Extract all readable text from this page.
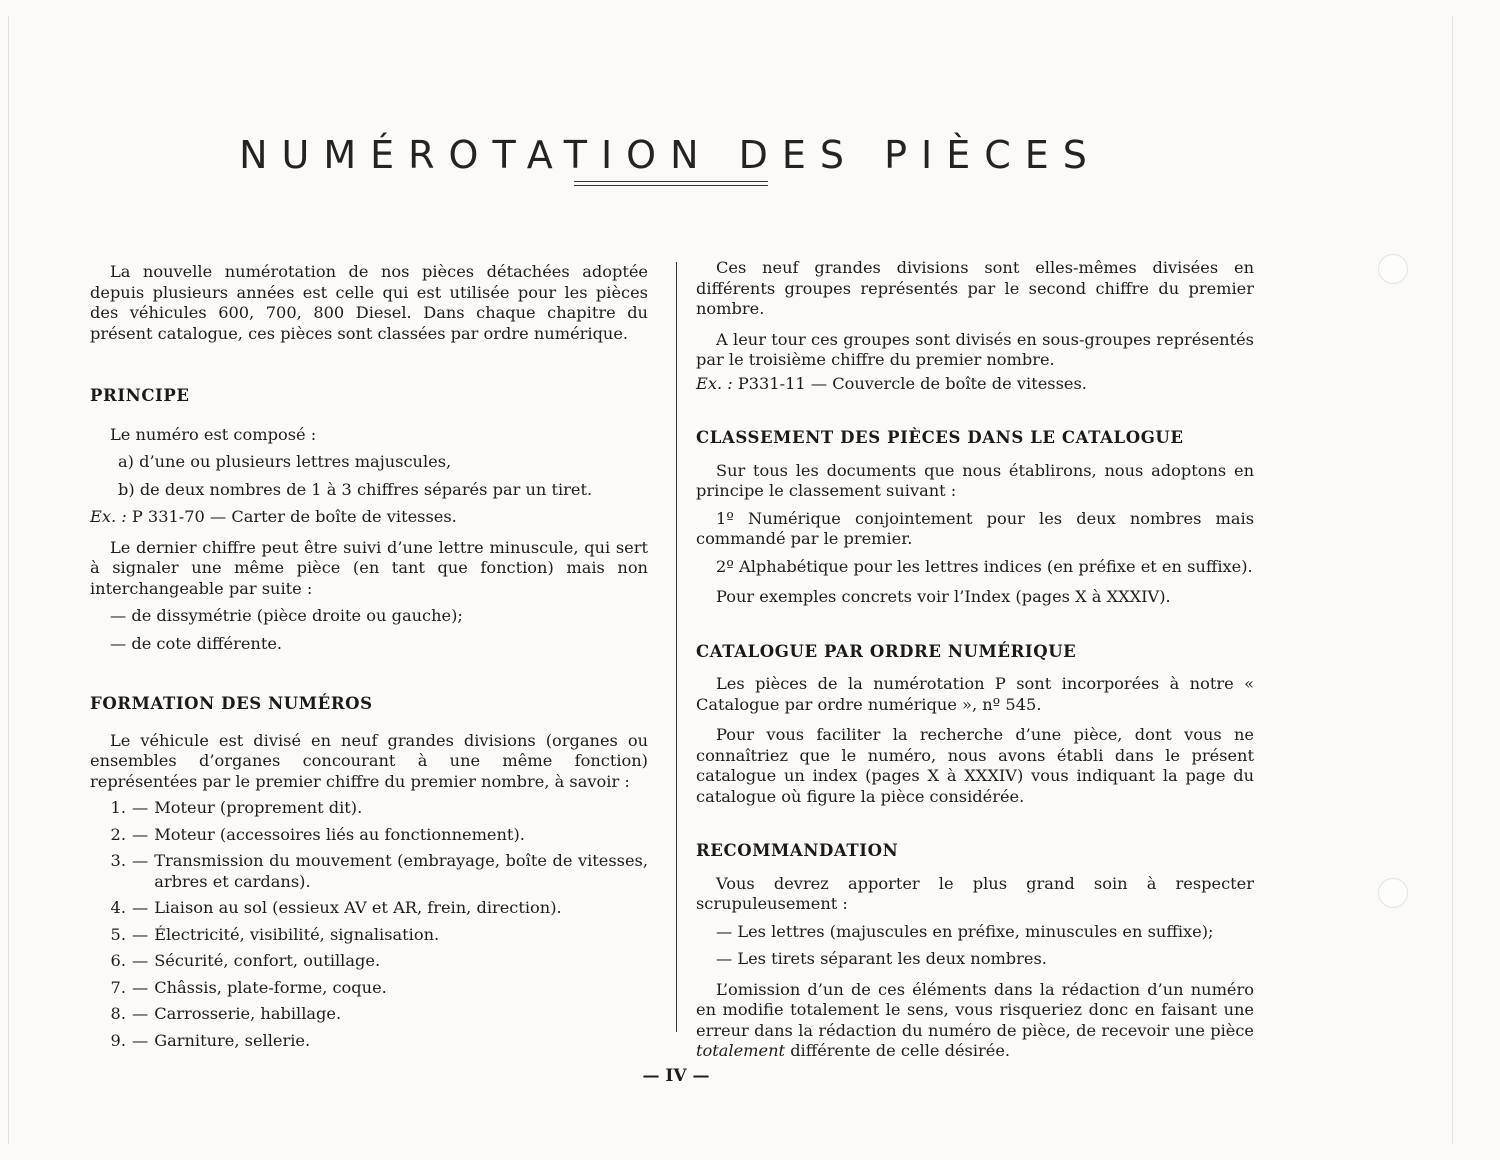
NUMÉROTATION DES PIÈCES

La nouvelle numérotation de nos pièces détachées adoptée depuis plusieurs années est celle qui est utilisée pour les pièces des véhicules 600, 700, 800 Diesel. Dans chaque chapitre du présent catalogue, ces pièces sont classées par ordre numérique.

PRINCIPE

Le numéro est composé :

a) d’une ou plusieurs lettres majuscules,

b) de deux nombres de 1 à 3 chiffres séparés par un tiret.

Ex. : P 331-70 — Carter de boîte de vitesses.

Le dernier chiffre peut être suivi d’une lettre minuscule, qui sert à signaler une même pièce (en tant que fonction) mais non interchangeable par suite :

— de dissymétrie (pièce droite ou gauche);

— de cote différente.

FORMATION DES NUMÉROS

Le véhicule est divisé en neuf grandes divisions (organes ou ensembles d’organes concourant à une même fonction) représentées par le premier chiffre du premier nombre, à savoir :

1. — Moteur (proprement dit).
2. — Moteur (accessoires liés au fonctionnement).
3. — Transmission du mouvement (embrayage, boîte de vitesses, arbres et cardans).
4. — Liaison au sol (essieux AV et AR, frein, direction).
5. — Électricité, visibilité, signalisation.
6. — Sécurité, confort, outillage.
7. — Châssis, plate-forme, coque.
8. — Carrosserie, habillage.
9. — Garniture, sellerie.

Ces neuf grandes divisions sont elles-mêmes divisées en différents groupes représentés par le second chiffre du premier nombre.

A leur tour ces groupes sont divisés en sous-groupes représentés par le troisième chiffre du premier nombre.

Ex. : P331-11 — Couvercle de boîte de vitesses.

CLASSEMENT DES PIÈCES DANS LE CATALOGUE

Sur tous les documents que nous établirons, nous adoptons en principe le classement suivant :

1º Numérique conjointement pour les deux nombres mais commandé par le premier.

2º Alphabétique pour les lettres indices (en préfixe et en suffixe).

Pour exemples concrets voir l’Index (pages X à XXXIV).

CATALOGUE PAR ORDRE NUMÉRIQUE

Les pièces de la numérotation P sont incorporées à notre « Catalogue par ordre numérique », nº 545.

Pour vous faciliter la recherche d’une pièce, dont vous ne connaîtriez que le numéro, nous avons établi dans le présent catalogue un index (pages X à XXXIV) vous indiquant la page du catalogue où figure la pièce considérée.

RECOMMANDATION

Vous devrez apporter le plus grand soin à respecter scrupuleusement :

— Les lettres (majuscules en préfixe, minuscules en suffixe);

— Les tirets séparant les deux nombres.

L’omission d’un de ces éléments dans la rédaction d’un numéro en modifie totalement le sens, vous risqueriez donc en faisant une erreur dans la rédaction du numéro de pièce, de recevoir une pièce totalement différente de celle désirée.

— IV —
